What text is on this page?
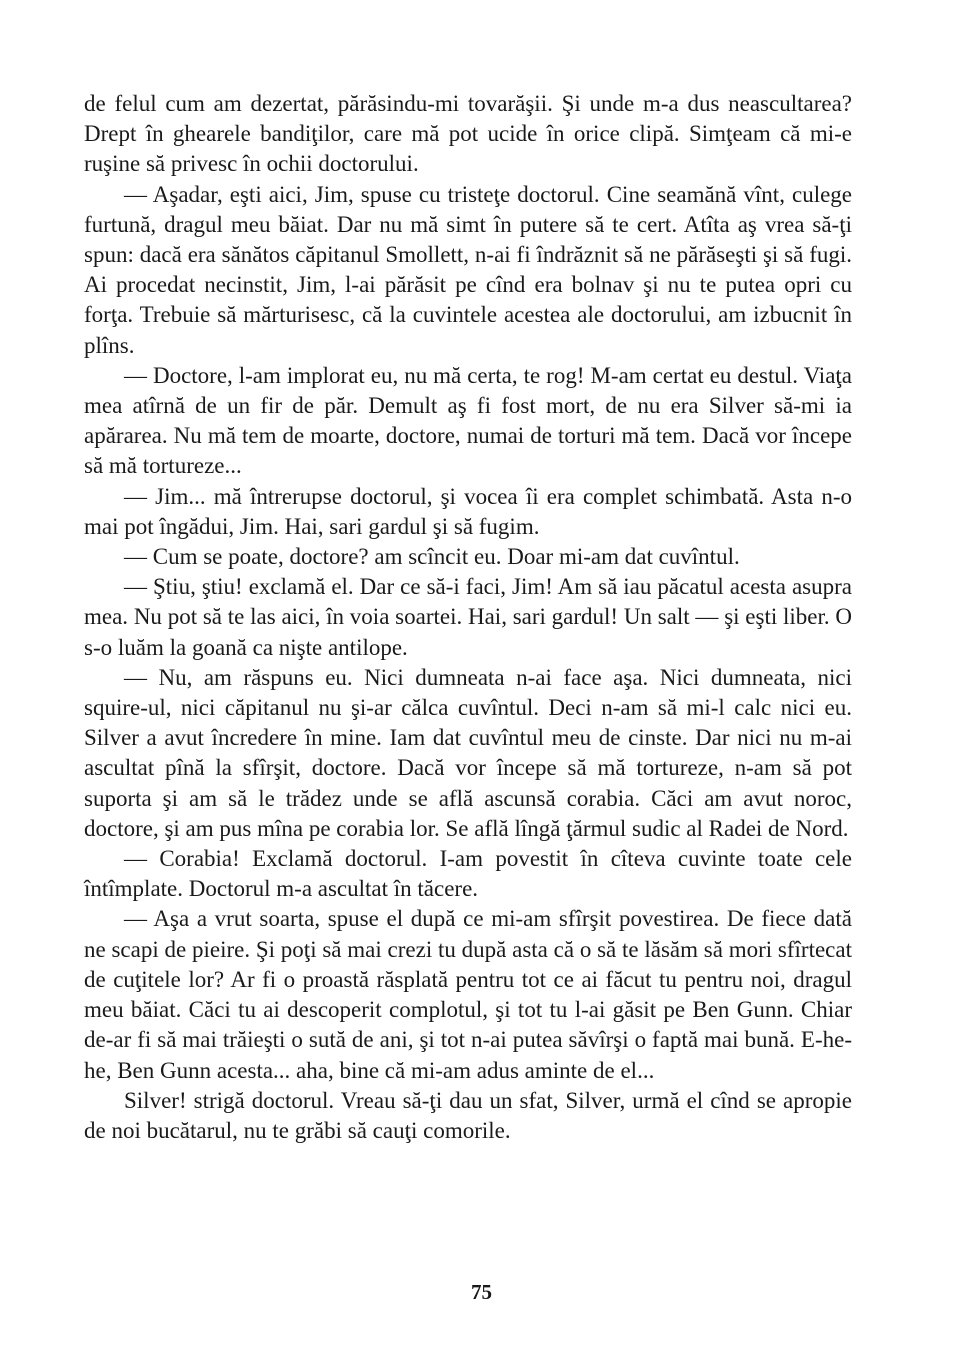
de felul cum am dezertat, părăsindu-mi tovarăşii. Şi unde m-a dus neascultarea? Drept în ghearele bandiţilor, care mă pot ucide în orice clipă. Simţeam că mi-e ruşine să privesc în ochii doctorului.

— Aşadar, eşti aici, Jim, spuse cu tristeţe doctorul. Cine seamănă vînt, culege furtună, dragul meu băiat. Dar nu mă simt în putere să te cert. Atîta aş vrea să-ţi spun: dacă era sănătos căpitanul Smollett, n-ai fi îndrăznit să ne părăseşti şi să fugi. Ai procedat necinstit, Jim, l-ai părăsit pe cînd era bolnav şi nu te putea opri cu forţa. Trebuie să mărturisesc, că la cuvintele acestea ale doctorului, am izbucnit în plîns.

— Doctore, l-am implorat eu, nu mă certa, te rog! M-am certat eu destul. Viaţa mea atîrnă de un fir de păr. Demult aş fi fost mort, de nu era Silver să-mi ia apărarea. Nu mă tem de moarte, doctore, numai de torturi mă tem. Dacă vor începe să mă tortureze...

— Jim... mă întrerupse doctorul, şi vocea îi era complet schimbată. Asta n-o mai pot îngădui, Jim. Hai, sari gardul şi să fugim.

— Cum se poate, doctore? am scîncit eu. Doar mi-am dat cuvîntul.

— Ştiu, ştiu! exclamă el. Dar ce să-i faci, Jim! Am să iau păcatul acesta asupra mea. Nu pot să te las aici, în voia soartei. Hai, sari gardul! Un salt — şi eşti liber. O s-o luăm la goană ca nişte antilope.

— Nu, am răspuns eu. Nici dumneata n-ai face aşa. Nici dumneata, nici squire-ul, nici căpitanul nu şi-ar călca cuvîntul. Deci n-am să mi-l calc nici eu. Silver a avut încredere în mine. Iam dat cuvîntul meu de cinste. Dar nici nu m-ai ascultat pînă la sfîrşit, doctore. Dacă vor începe să mă tortureze, n-am să pot suporta şi am să le trădez unde se află ascunsă corabia. Căci am avut noroc, doctore, şi am pus mîna pe corabia lor. Se află lîngă ţărmul sudic al Radei de Nord.

— Corabia! Exclamă doctorul. I-am povestit în cîteva cuvinte toate cele întîmplate. Doctorul m-a ascultat în tăcere.

— Aşa a vrut soarta, spuse el după ce mi-am sfîrşit povestirea. De fiece dată ne scapi de pieire. Şi poţi să mai crezi tu după asta că o să te lăsăm să mori sfîrtecat de cuţitele lor? Ar fi o proastă răsplată pentru tot ce ai făcut tu pentru noi, dragul meu băiat. Căci tu ai descoperit complotul, şi tot tu l-ai găsit pe Ben Gunn. Chiar de-ar fi să mai trăieşti o sută de ani, şi tot n-ai putea săvîrşi o faptă mai bună. E-he-he, Ben Gunn acesta... aha, bine că mi-am adus aminte de el...

Silver! strigă doctorul. Vreau să-ţi dau un sfat, Silver, urmă el cînd se apropie de noi bucătarul, nu te grăbi să cauţi comorile.

75
